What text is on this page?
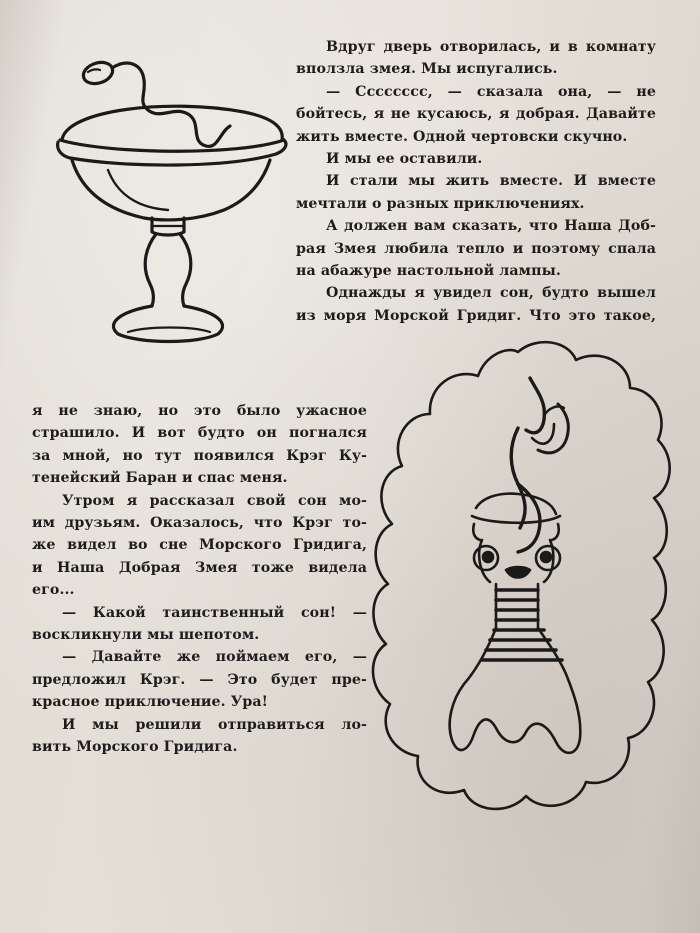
Вдруг дверь отворилась, и в комнату
вползла змея. Мы испугались.
— Сссссссс, — сказала она, — не
бойтесь, я не кусаюсь, я добрая. Давайте
жить вместе. Одной чертовски скучно.
И мы ее оставили.
И стали мы жить вместе. И вместе
мечтали о разных приключениях.
А должен вам сказать, что Наша Доб-
рая Змея любила тепло и поэтому спала
на абажуре настольной лампы.
Однажды я увидел сон, будто вышел
из моря Морской Гридиг. Что это такое,
я не знаю, но это было ужасное
страшило. И вот будто он погнался
за мной, но тут появился Крэг Ку-
тенейский Баран и спас меня.
Утром я рассказал свой сон мо-
им друзьям. Оказалось, что Крэг то-
же видел во сне Морского Гридига,
и Наша Добрая Змея тоже видела
его...
— Какой таинственный сон! —
воскликнули мы шепотом.
— Давайте же поймаем его, —
предложил Крэг. — Это будет пре-
красное приключение. Ура!
И мы решили отправиться ло-
вить Морского Гридига.
